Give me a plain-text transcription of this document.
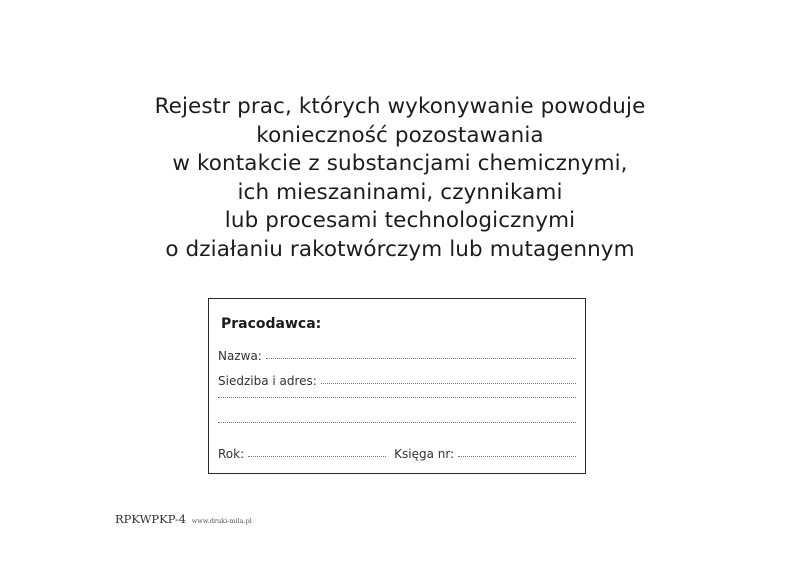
Rejestr prac, których wykonywanie powoduje
konieczność pozostawania
w kontakcie z substancjami chemicznymi,
ich mieszaninami, czynnikami
lub procesami technologicznymi
o działaniu rakotwórczym lub mutagennym
Pracodawca:
Nazwa:
Siedziba i adres:
Rok:	Księga nr:
RPKWPKP-4 www.druki-mila.pl
